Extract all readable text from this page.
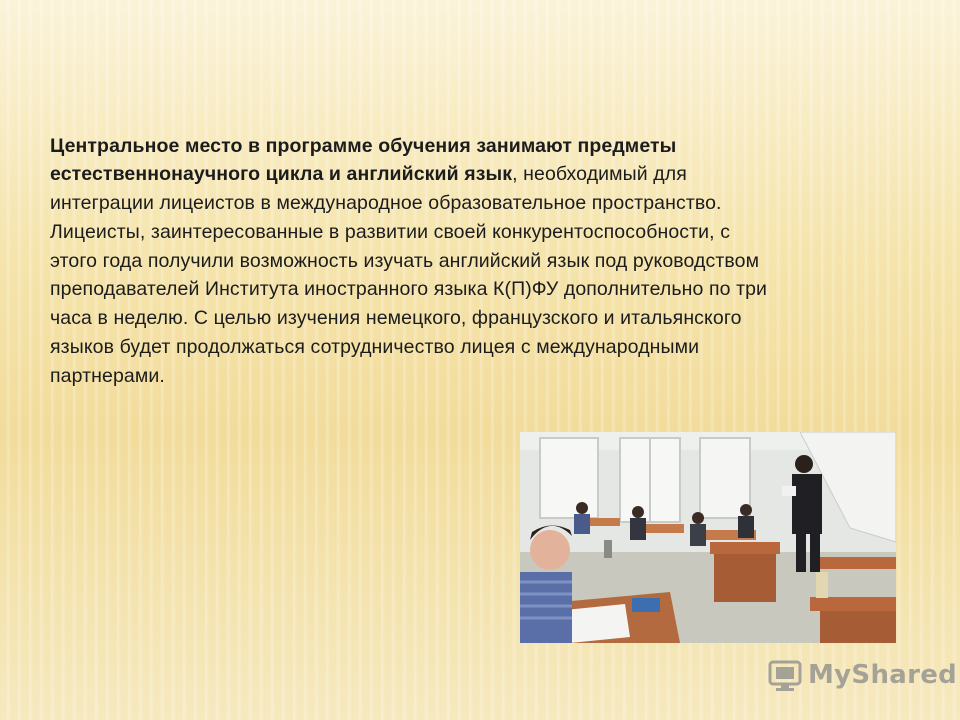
Центральное место в программе обучения занимают предметы естественнонаучного цикла и английский язык, необходимый для интеграции лицеистов в международное образовательное пространство. Лицеисты, заинтересованные в развитии своей конкурентоспособности, с этого года получили возможность изучать английский язык под руководством преподавателей Института иностранного языка К(П)ФУ дополнительно по три часа в неделю. С целью изучения немецкого, французского и итальянского языков будет продолжаться сотрудничество лицея с международными партнерами.

MyShared
